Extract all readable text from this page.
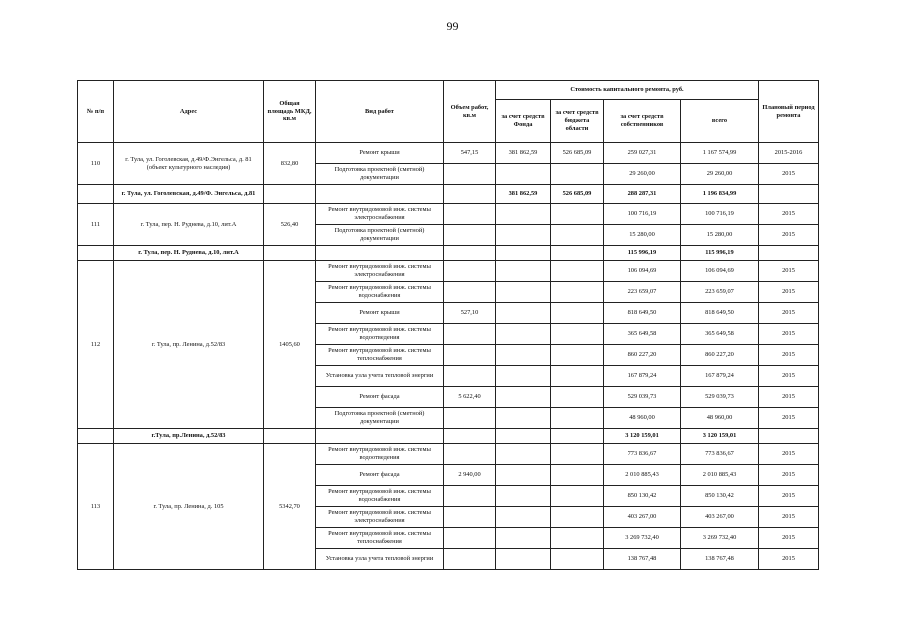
99
№ п/п	Адрес	Общая площадь МКД, кв.м	Вид работ	Объем работ, кв.м	Стоимость капитального ремонта, руб.				Плановый период ремонта
					за счет средств Фонда	за счет средств бюджета области	за счет средств собственников	всего	
110	г. Тула, ул. Гоголевская, д.49/Ф.Энгельса, д. 81 (объект культурного наследия)	832,80	Ремонт крыши	547,15	381 862,59	526 685,09	259 027,31	1 167 574,99	2015-2016
			Подготовка проектной (сметной) документации				29 260,00	29 260,00	2015
	г. Тула, ул. Гоголевская, д.49/Ф. Энгельса, д.81				381 862,59	526 685,09	288 287,31	1 196 834,99	
111	г. Тула, пер. Н. Руднева, д.10, лит.А	526,40	Ремонт внутридомовой инж. системы электроснабжения				100 716,19	100 716,19	2015
			Подготовка проектной (сметной) документации				15 280,00	15 280,00	2015
	г. Тула, пер. Н. Руднева, д.10, лит.А						115 996,19	115 996,19	
112	г. Тула, пр. Ленина, д.52/83	1405,60	Ремонт внутридомовой инж. системы электроснабжения				106 094,69	106 094,69	2015
			Ремонт внутридомовой инж. системы водоснабжения				223 659,07	223 659,07	2015
			Ремонт крыши	527,10			818 649,50	818 649,50	2015
			Ремонт внутридомовой инж. системы водоотведения				365 649,58	365 649,58	2015
			Ремонт внутридомовой инж. системы теплоснабжения				860 227,20	860 227,20	2015
			Установка узла учета тепловой энергии				167 879,24	167 879,24	2015
			Ремонт фасада	5 622,40			529 039,73	529 039,73	2015
			Подготовка проектной (сметной) документации				48 960,00	48 960,00	2015
	г.Тула, пр.Ленина, д.52/83						3 120 159,01	3 120 159,01	
113	г. Тула, пр. Ленина, д. 105	5342,70	Ремонт внутридомовой инж. системы водоотведения				773 836,67	773 836,67	2015
			Ремонт фасада	2 940,00			2 010 885,43	2 010 885,43	2015
			Ремонт внутридомовой инж. системы водоснабжения				850 130,42	850 130,42	2015
			Ремонт внутридомовой инж. системы электроснабжения				403 267,00	403 267,00	2015
			Ремонт внутридомовой инж. системы теплоснабжения				3 269 732,40	3 269 732,40	2015
			Установка узла учета тепловой энергии				138 767,48	138 767,48	2015
